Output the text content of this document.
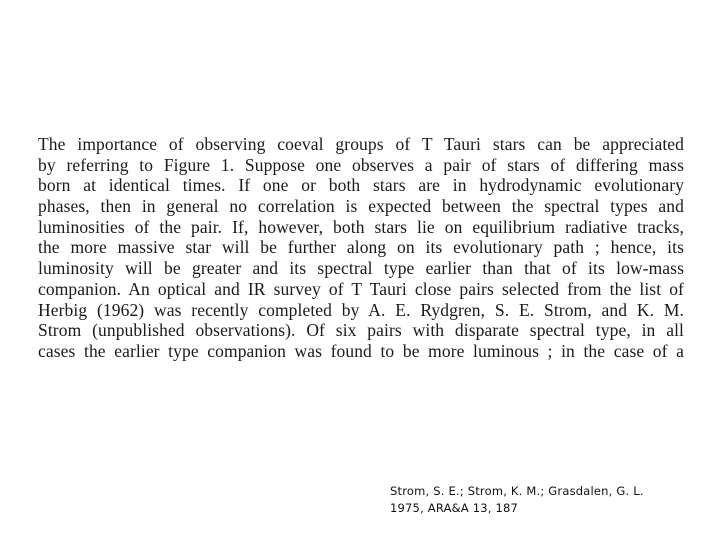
The importance of observing coeval groups of T Tauri stars can be appreciated
by referring to Figure 1. Suppose one observes a pair of stars of differing mass
born at identical times. If one or both stars are in hydrodynamic evolutionary
phases, then in general no correlation is expected between the spectral types and
luminosities of the pair. If, however, both stars lie on equilibrium radiative tracks,
the more massive star will be further along on its evolutionary path ; hence, its
luminosity will be greater and its spectral type earlier than that of its low-mass
companion. An optical and IR survey of T Tauri close pairs selected from the list of
Herbig (1962) was recently completed by A. E. Rydgren, S. E. Strom, and K. M.
Strom (unpublished observations). Of six pairs with disparate spectral type, in all
cases the earlier type companion was found to be more luminous ; in the case of a
Strom, S. E.; Strom, K. M.; Grasdalen, G. L.
1975, ARA&A 13, 187
